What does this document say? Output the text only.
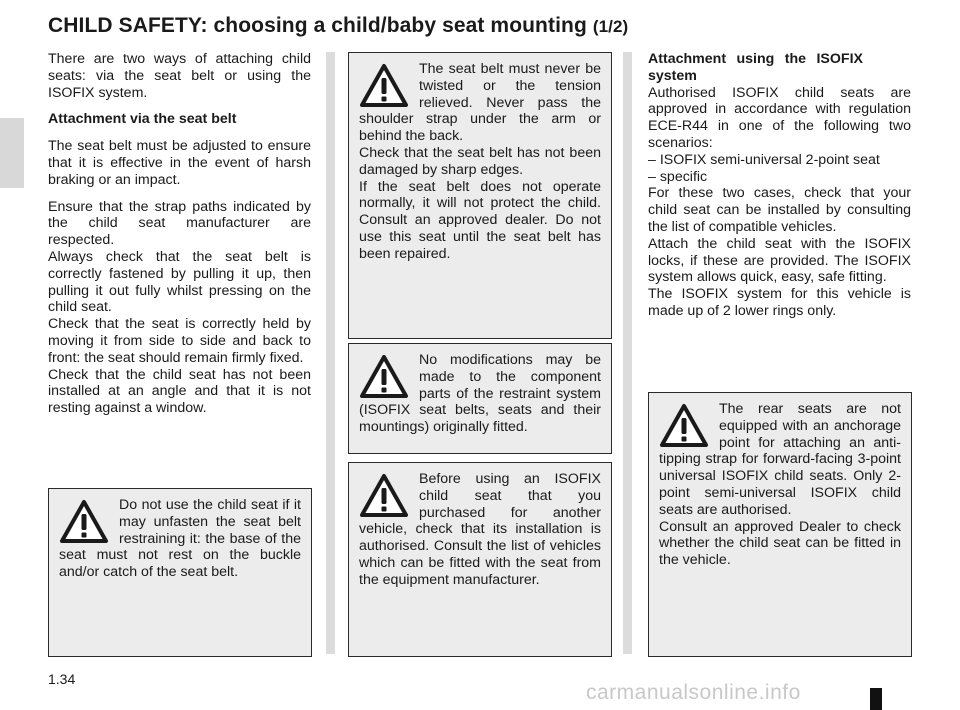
CHILD SAFETY: choosing a child/baby seat mounting (1/2)

There are two ways of attaching child seats: via the seat belt or using the ISOFIX system.

Attachment via the seat belt

The seat belt must be adjusted to ensure that it is effective in the event of harsh braking or an impact.

Ensure that the strap paths indicated by the child seat manufacturer are respected.
Always check that the seat belt is correctly fastened by pulling it up, then pulling it out fully whilst pressing on the child seat.
Check that the seat is correctly held by moving it from side to side and back to front: the seat should remain firmly fixed.
Check that the child seat has not been installed at an angle and that it is not resting against a window.

Do not use the child seat if it may unfasten the seat belt restraining it: the base of the seat must not rest on the buckle and/or catch of the seat belt.
The seat belt must never be twisted or the tension relieved. Never pass the shoulder strap under the arm or behind the back.
Check that the seat belt has not been damaged by sharp edges.
If the seat belt does not operate normally, it will not protect the child. Consult an approved dealer. Do not use this seat until the seat belt has been repaired.
No modifications may be made to the component parts of the restraint system (ISOFIX seat belts, seats and their mountings) originally fitted.
Before using an ISOFIX child seat that you purchased for another vehicle, check that its installation is authorised. Consult the list of vehicles which can be fitted with the seat from the equipment manufacturer.
Attachment using the ISOFIX system
Authorised ISOFIX child seats are approved in accordance with regulation ECE-R44 in one of the following two scenarios:
– ISOFIX semi-universal 2-point seat
– specific
For these two cases, check that your child seat can be installed by consulting the list of compatible vehicles.
Attach the child seat with the ISOFIX locks, if these are provided. The ISOFIX system allows quick, easy, safe fitting.
The ISOFIX system for this vehicle is made up of 2 lower rings only.
The rear seats are not equipped with an anchorage point for attaching an anti-tipping strap for forward-facing 3-point universal ISOFIX child seats. Only 2-point semi-universal ISOFIX child seats are authorised.
Consult an approved Dealer to check whether the child seat can be fitted in the vehicle.
1.34
carmanualsonline.info
